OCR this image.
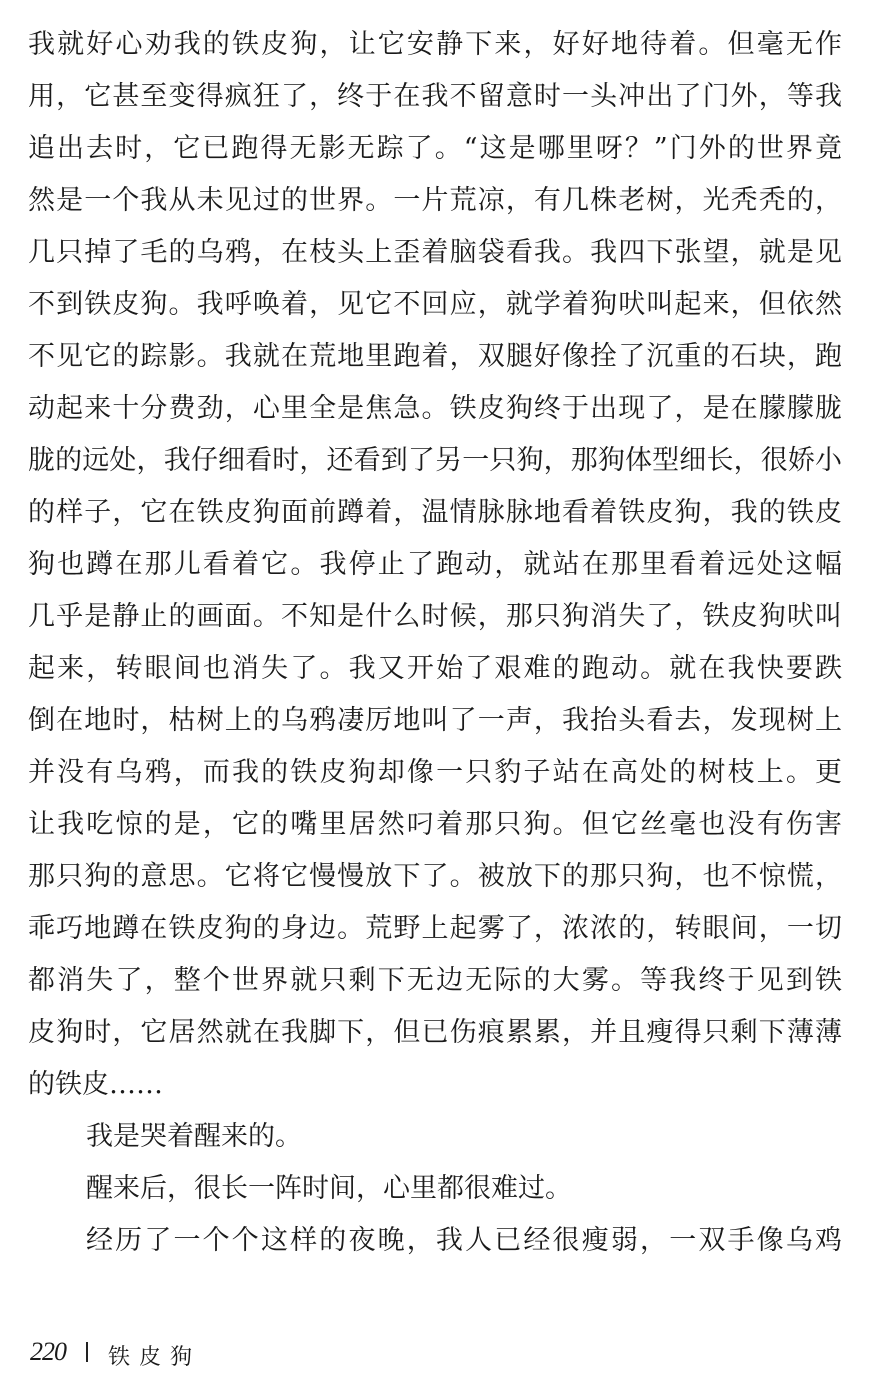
我就好心劝我的铁皮狗，让它安静下来，好好地待着。但毫无作
用，它甚至变得疯狂了，终于在我不留意时一头冲出了门外，等我
追出去时，它已跑得无影无踪了。“这是哪里呀？”门外的世界竟
然是一个我从未见过的世界。一片荒凉，有几株老树，光秃秃的，
几只掉了毛的乌鸦，在枝头上歪着脑袋看我。我四下张望，就是见
不到铁皮狗。我呼唤着，见它不回应，就学着狗吠叫起来，但依然
不见它的踪影。我就在荒地里跑着，双腿好像拴了沉重的石块，跑
动起来十分费劲，心里全是焦急。铁皮狗终于出现了，是在朦朦胧
胧的远处，我仔细看时，还看到了另一只狗，那狗体型细长，很娇小
的样子，它在铁皮狗面前蹲着，温情脉脉地看着铁皮狗，我的铁皮
狗也蹲在那儿看着它。我停止了跑动，就站在那里看着远处这幅
几乎是静止的画面。不知是什么时候，那只狗消失了，铁皮狗吠叫
起来，转眼间也消失了。我又开始了艰难的跑动。就在我快要跌
倒在地时，枯树上的乌鸦凄厉地叫了一声，我抬头看去，发现树上
并没有乌鸦，而我的铁皮狗却像一只豹子站在高处的树枝上。更
让我吃惊的是，它的嘴里居然叼着那只狗。但它丝毫也没有伤害
那只狗的意思。它将它慢慢放下了。被放下的那只狗，也不惊慌，
乖巧地蹲在铁皮狗的身边。荒野上起雾了，浓浓的，转眼间，一切
都消失了，整个世界就只剩下无边无际的大雾。等我终于见到铁
皮狗时，它居然就在我脚下，但已伤痕累累，并且瘦得只剩下薄薄
的铁皮……
我是哭着醒来的。
醒来后，很长一阵时间，心里都很难过。
经历了一个个这样的夜晚，我人已经很瘦弱，一双手像乌鸡
220 铁皮狗
